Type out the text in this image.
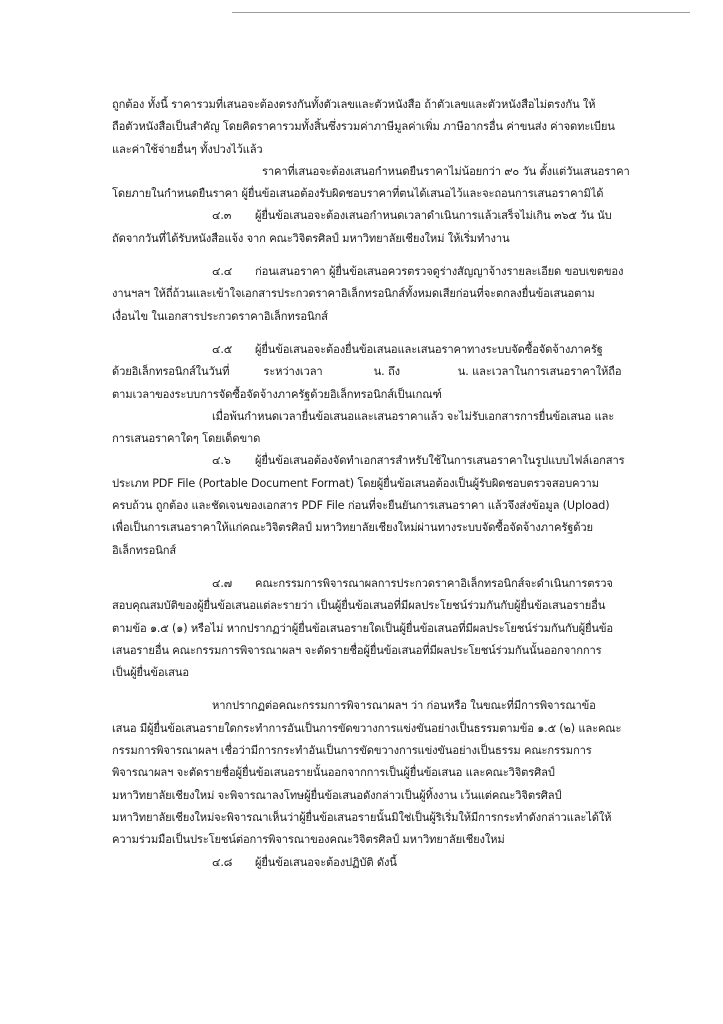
ถูกต้อง ทั้งนี้ ราคารวมที่เสนอจะต้องตรงกันทั้งตัวเลขและตัวหนังสือ ถ้าตัวเลขและตัวหนังสือไม่ตรงกัน ให้
ถือตัวหนังสือเป็นสำคัญ โดยคิดราคารวมทั้งสิ้นซึ่งรวมค่าภาษีมูลค่าเพิ่ม ภาษีอากรอื่น ค่าขนส่ง ค่าจดทะเบียน
และค่าใช้จ่ายอื่นๆ ทั้งปวงไว้แล้ว
ราคาที่เสนอจะต้องเสนอกำหนดยืนราคาไม่น้อยกว่า ๙๐ วัน ตั้งแต่วันเสนอราคา
โดยภายในกำหนดยืนราคา ผู้ยื่นข้อเสนอต้องรับผิดชอบราคาที่ตนได้เสนอไว้และจะถอนการเสนอราคามิได้
๔.๓	ผู้ยื่นข้อเสนอจะต้องเสนอกำหนดเวลาดำเนินการแล้วเสร็จไม่เกิน ๓๖๕ วัน นับ
ถัดจากวันที่ได้รับหนังสือแจ้ง จาก คณะวิจิตรศิลป์ มหาวิทยาลัยเชียงใหม่ ให้เริ่มทำงาน
๔.๔	ก่อนเสนอราคา ผู้ยื่นข้อเสนอควรตรวจดูร่างสัญญาจ้างรายละเอียด ขอบเขตของ
งานฯลฯ ให้ถี่ถ้วนและเข้าใจเอกสารประกวดราคาอิเล็กทรอนิกส์ทั้งหมดเสียก่อนที่จะตกลงยื่นข้อเสนอตาม
เงื่อนไข ในเอกสารประกวดราคาอิเล็กทรอนิกส์
๔.๕	ผู้ยื่นข้อเสนอจะต้องยื่นข้อเสนอและเสนอราคาทางระบบจัดซื้อจัดจ้างภาครัฐ
ด้วยอิเล็กทรอนิกส์ในวันที่          ระหว่างเวลา               น. ถึง                 น. และเวลาในการเสนอราคาให้ถือ
ตามเวลาของระบบการจัดซื้อจัดจ้างภาครัฐด้วยอิเล็กทรอนิกส์เป็นเกณฑ์
เมื่อพ้นกำหนดเวลายื่นข้อเสนอและเสนอราคาแล้ว จะไม่รับเอกสารการยื่นข้อเสนอ และ
การเสนอราคาใดๆ โดยเด็ดขาด
๔.๖	ผู้ยื่นข้อเสนอต้องจัดทำเอกสารสำหรับใช้ในการเสนอราคาในรูปแบบไฟล์เอกสาร
ประเภท PDF File (Portable Document Format) โดยผู้ยื่นข้อเสนอต้องเป็นผู้รับผิดชอบตรวจสอบความ
ครบถ้วน ถูกต้อง และชัดเจนของเอกสาร PDF File ก่อนที่จะยืนยันการเสนอราคา แล้วจึงส่งข้อมูล (Upload)
เพื่อเป็นการเสนอราคาให้แก่คณะวิจิตรศิลป์ มหาวิทยาลัยเชียงใหม่ผ่านทางระบบจัดซื้อจัดจ้างภาครัฐด้วย
อิเล็กทรอนิกส์
๔.๗	คณะกรรมการพิจารณาผลการประกวดราคาอิเล็กทรอนิกส์จะดำเนินการตรวจ
สอบคุณสมบัติของผู้ยื่นข้อเสนอแต่ละรายว่า เป็นผู้ยื่นข้อเสนอที่มีผลประโยชน์ร่วมกันกับผู้ยื่นข้อเสนอรายอื่น
ตามข้อ ๑.๕ (๑) หรือไม่ หากปรากฏว่าผู้ยื่นข้อเสนอรายใดเป็นผู้ยื่นข้อเสนอที่มีผลประโยชน์ร่วมกันกับผู้ยื่นข้อ
เสนอรายอื่น คณะกรรมการพิจารณาผลฯ จะตัดรายชื่อผู้ยื่นข้อเสนอที่มีผลประโยชน์ร่วมกันนั้นออกจากการ
เป็นผู้ยื่นข้อเสนอ
หากปรากฏต่อคณะกรรมการพิจารณาผลฯ ว่า ก่อนหรือ ในขณะที่มีการพิจารณาข้อ
เสนอ มีผู้ยื่นข้อเสนอรายใดกระทำการอันเป็นการขัดขวางการแข่งขันอย่างเป็นธรรมตามข้อ ๑.๕ (๒) และคณะ
กรรมการพิจารณาผลฯ เชื่อว่ามีการกระทำอันเป็นการขัดขวางการแข่งขันอย่างเป็นธรรม คณะกรรมการ
พิจารณาผลฯ จะตัดรายชื่อผู้ยื่นข้อเสนอรายนั้นออกจากการเป็นผู้ยื่นข้อเสนอ และคณะวิจิตรศิลป์
มหาวิทยาลัยเชียงใหม่ จะพิจารณาลงโทษผู้ยื่นข้อเสนอดังกล่าวเป็นผู้ทิ้งงาน เว้นแต่คณะวิจิตรศิลป์
มหาวิทยาลัยเชียงใหม่จะพิจารณาเห็นว่าผู้ยื่นข้อเสนอรายนั้นมิใช่เป็นผู้ริเริ่มให้มีการกระทำดังกล่าวและได้ให้
ความร่วมมือเป็นประโยชน์ต่อการพิจารณาของคณะวิจิตรศิลป์ มหาวิทยาลัยเชียงใหม่
๔.๘	ผู้ยื่นข้อเสนอจะต้องปฏิบัติ ดังนี้
